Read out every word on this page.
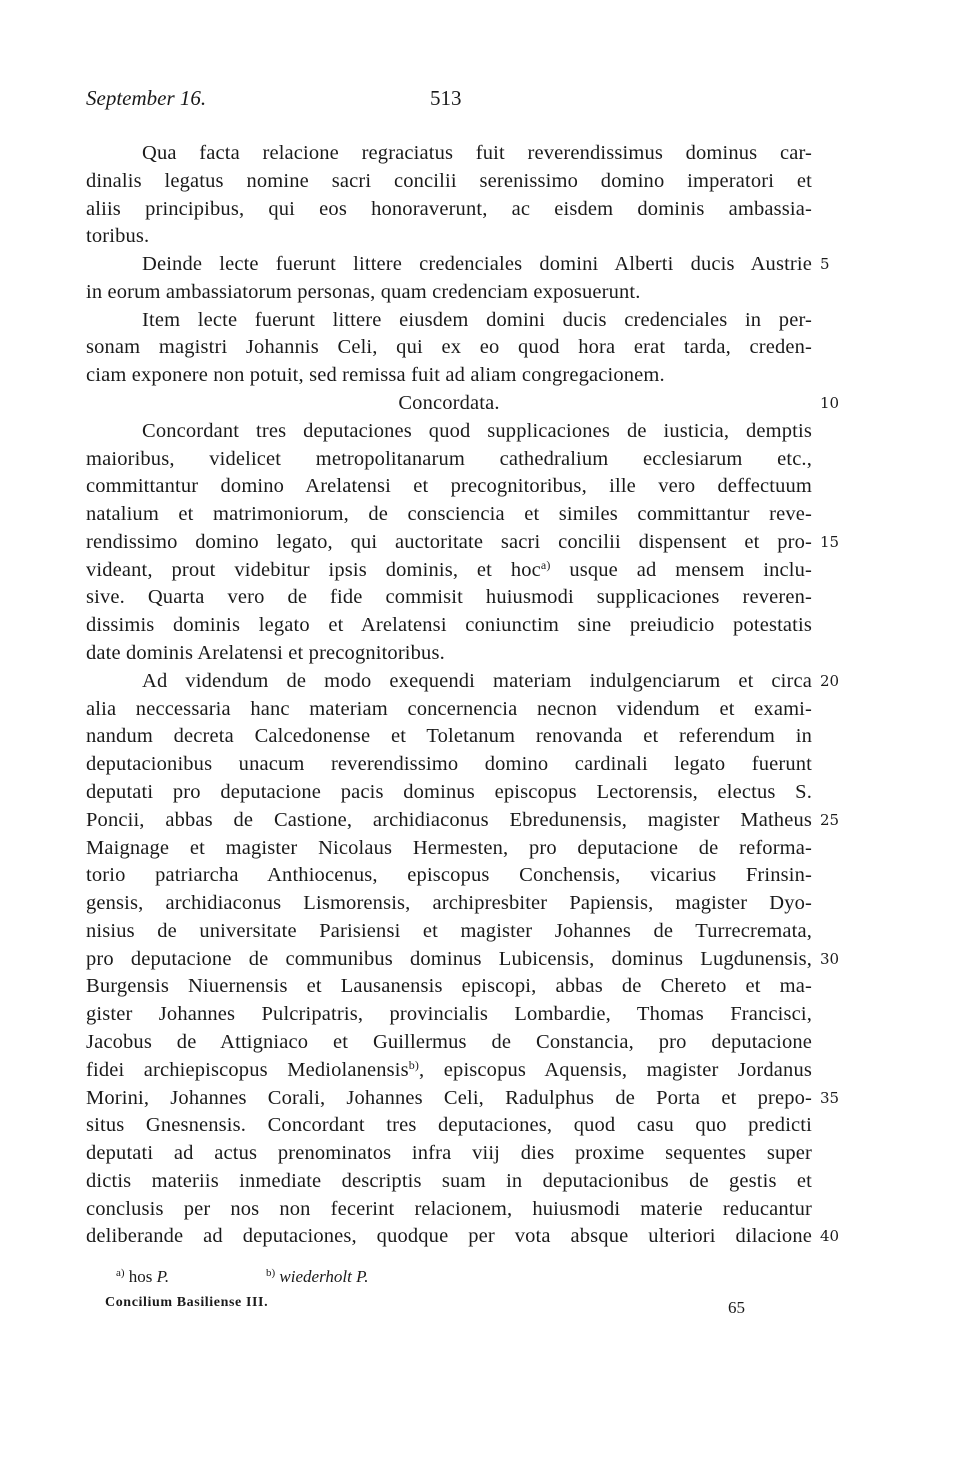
September 16.	513
Qua facta relacione regraciatus fuit reverendissimus dominus car-
dinalis legatus nomine sacri concilii serenissimo domino imperatori et
aliis principibus, qui eos honoraverunt, ac eisdem dominis ambassia-
toribus.
Deinde lecte fuerunt littere credenciales domini Alberti ducis Austrie 5
in eorum ambassiatorum personas, quam credenciam exposuerunt.
Item lecte fuerunt littere eiusdem domini ducis credenciales in per-
sonam magistri Johannis Celi, qui ex eo quod hora erat tarda, creden-
ciam exponere non potuit, sed remissa fuit ad aliam congregacionem.
Concordata.	10
Concordant tres deputaciones quod supplicaciones de iusticia, demptis
maioribus, videlicet metropolitanarum cathedralium ecclesiarum etc.,
committantur domino Arelatensi et precognitoribus, ille vero deffectuum
natalium et matrimoniorum, de consciencia et similes committantur reve-
rendissimo domino legato, qui auctoritate sacri concilii dispensent et pro- 15
videant, prout videbitur ipsis dominis, et hoc$^{a)}$ usque ad mensem inclu-
sive. Quarta vero de fide commisit huiusmodi supplicaciones reveren-
dissimis dominis legato et Arelatensi coniunctim sine preiudicio potestatis
date dominis Arelatensi et precognitoribus.
Ad videndum de modo exequendi materiam indulgenciarum et circa 20
alia neccessaria hanc materiam concernencia necnon videndum et exami-
nandum decreta Calcedonense et Toletanum renovanda et referendum in
deputacionibus unacum reverendissimo domino cardinali legato fuerunt
deputati pro deputacione pacis dominus episcopus Lectorensis, electus S.
Poncii, abbas de Castione, archidiaconus Ebredunensis, magister Matheus 25
Maignage et magister Nicolaus Hermesten, pro deputacione de reforma-
torio patriarcha Anthiocenus, episcopus Conchensis, vicarius Frinsin-
gensis, archidiaconus Lismorensis, archipresbiter Papiensis, magister Dyo-
nisius de universitate Parisiensi et magister Johannes de Turrecremata,
pro deputacione de communibus dominus Lubicensis, dominus Lugdunensis, 30
Burgensis Niuernensis et Lausanensis episcopi, abbas de Chereto et ma-
gister Johannes Pulcripatris, provincialis Lombardie, Thomas Francisci,
Jacobus de Attigniaco et Guillermus de Constancia, pro deputacione
fidei archiepiscopus Mediolanensis$^{b)}$, episcopus Aquensis, magister Jordanus
Morini, Johannes Corali, Johannes Celi, Radulphus de Porta et prepo- 35
situs Gnesnensis. Concordant tres deputaciones, quod casu quo predicti
deputati ad actus prenominatos infra viij dies proxime sequentes super
dictis materiis inmediate descriptis suam in deputacionibus de gestis et
conclusis per nos non fecerint relacionem, huiusmodi materie reducantur
deliberande ad deputaciones, quodque per vota absque ulteriori dilacione 40
$^{a)}$ hos P.	$^{b)}$ wiederholt P.
Concilium Basiliense III.	65
